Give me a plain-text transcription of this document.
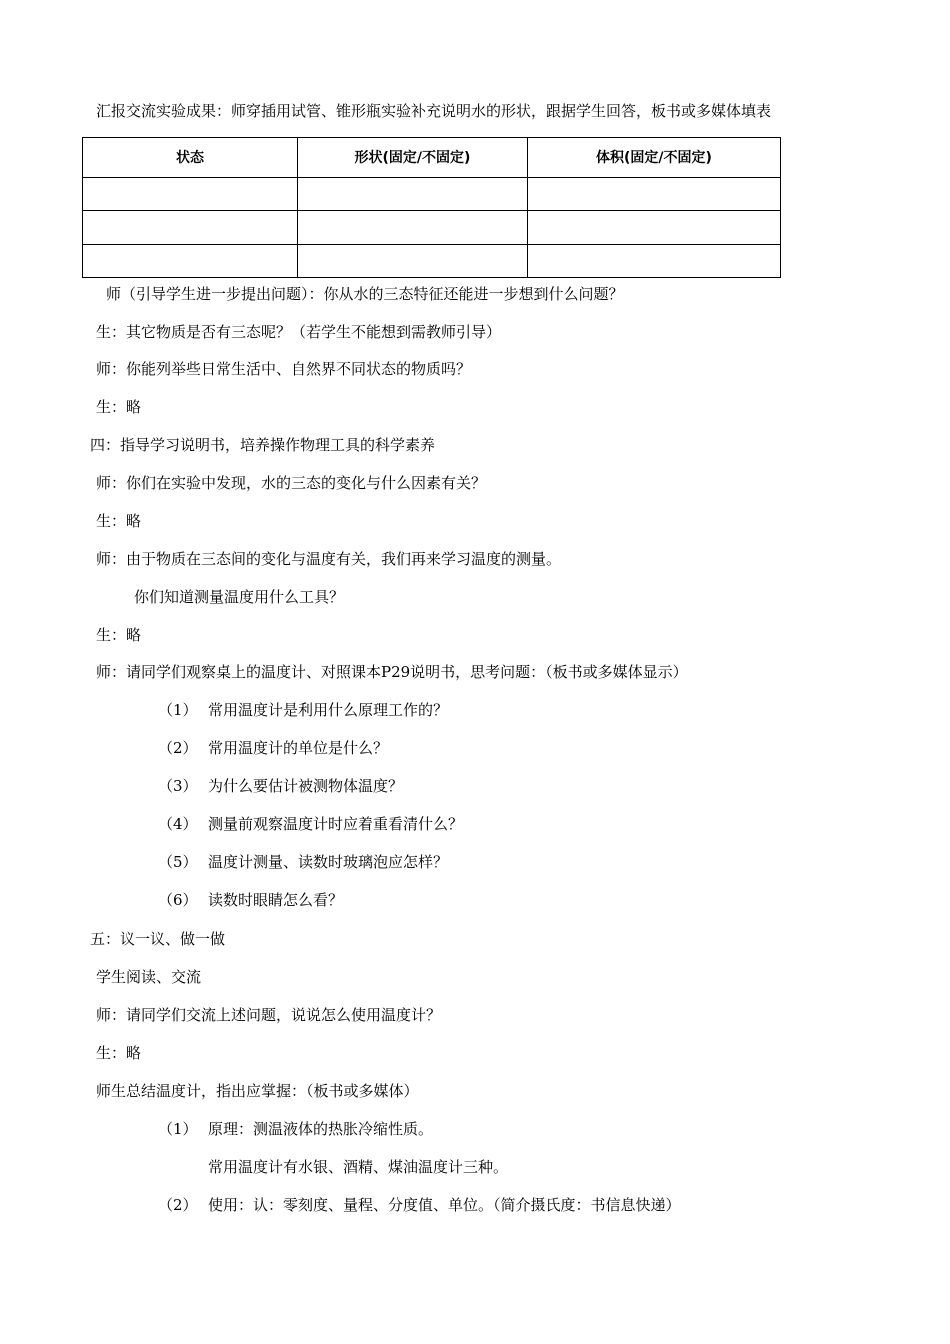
汇报交流实验成果：师穿插用试管、锥形瓶实验补充说明水的形状，跟据学生回答，板书或多媒体填表
状态	形状(固定/不固定)	体积(固定/不固定)

师（引导学生进一步提出问题）：你从水的三态特征还能进一步想到什么问题？
生：其它物质是否有三态呢？（若学生不能想到需教师引导）
师：你能列举些日常生活中、自然界不同状态的物质吗？
生：略
四：指导学习说明书，培养操作物理工具的科学素养
师：你们在实验中发现，水的三态的变化与什么因素有关？
生：略
师：由于物质在三态间的变化与温度有关，我们再来学习温度的测量。
你们知道测量温度用什么工具？
生：略
师：请同学们观察桌上的温度计、对照课本P29说明书，思考问题：（板书或多媒体显示）
（1） 常用温度计是利用什么原理工作的？
（2） 常用温度计的单位是什么？
（3） 为什么要估计被测物体温度？
（4） 测量前观察温度计时应着重看清什么？
（5） 温度计测量、读数时玻璃泡应怎样？
（6） 读数时眼睛怎么看？
五：议一议、做一做
学生阅读、交流
师：请同学们交流上述问题，说说怎么使用温度计？
生：略
师生总结温度计，指出应掌握：（板书或多媒体）
（1） 原理：测温液体的热胀冷缩性质。
常用温度计有水银、酒精、煤油温度计三种。
（2） 使用：认：零刻度、量程、分度值、单位。（简介摄氏度：书信息快递）
